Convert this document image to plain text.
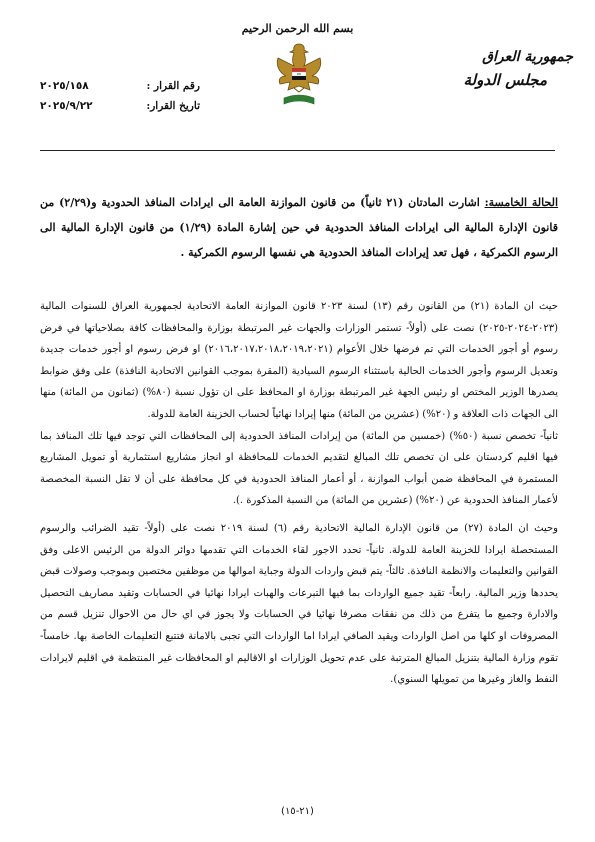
بسم الله الرحمن الرحيم
جمهورية العراق
مجلس الدولة
رقم القرار :
٢٠٢٥/١٥٨
تاريخ القرار:
٢٠٢٥/٩/٢٢
الحالة الخامسة: اشارت المادتان (٢١ ثانياً) من قانون الموازنة العامة الى ايرادات المنافذ الحدودية و(٢/٢٩) من قانون الإدارة المالية الى ايرادات المنافذ الحدودية في حين إشارة المادة (١/٢٩) من قانون الإدارة المالية الى الرسوم الكمركية ، فهل تعد إيرادات المنافذ الحدودية هي نفسها الرسوم الكمركية .

حيث ان المادة (٢١) من القانون رقم (١٣) لسنة ٢٠٢٣ قانون الموازنة العامة الاتحادية لجمهورية العراق للسنوات المالية (٢٠٢٣-٢٠٢٤-٢٠٢٥) نصت على (أولاً- تستمر الوزارات والجهات غير المرتبطة بوزارة والمحافظات كافة بصلاحياتها في فرض رسوم أو أجور الخدمات التي تم فرضها خلال الأعوام (٢٠١٦،٢٠١٧،٢٠١٨،٢٠١٩،٢٠٢١) او فرض رسوم او أجور خدمات جديدة وتعديل الرسوم وأجور الخدمات الحالية باستثناء الرسوم السيادية (المقرة بموجب القوانين الاتحادية النافذة) على وفق ضوابط يصدرها الوزير المختص او رئيس الجهة غير المرتبطة بوزارة او المحافظ على ان تؤول نسبة (٨٠%) (ثمانون من المائة) منها الى الجهات ذات العلاقة و (٢٠%) (عشرين من المائة) منها إيرادا نهائياً لحساب الخزينة العامة للدولة.

ثانياً- تخصص نسبة (٥٠%) (خمسين من المائة) من إيرادات المنافذ الحدودية إلى المحافظات التي توجد فيها تلك المنافذ بما فيها اقليم كردستان على ان تخصص تلك المبالغ لتقديم الخدمات للمحافظة او انجاز مشاريع استثمارية أو تمويل المشاريع المستمرة في المحافظة ضمن أبواب الموازنة ، أو أعمار المنافذ الحدودية في كل محافظة على أن لا تقل النسبة المخصصة لأعمار المنافذ الحدودية عن (٢٠%) (عشرين من المائة) من النسبة المذكورة .).

وحيث ان المادة (٢٧) من قانون الإدارة المالية الاتحادية رقم (٦) لسنة ٢٠١٩ نصت على (أولاً- تقيد الضرائب والرسوم المستحصلة ايرادا للخزينة العامة للدولة. ثانياً- تحدد الاجور لقاء الخدمات التي تقدمها دوائر الدولة من الرئيس الاعلى وفق القوانين والتعليمات والانظمة النافذة. ثالثاً- يتم قبض واردات الدولة وجباية اموالها من موظفين مختصين وبموجب وصولات قبض يحددها وزير المالية. رابعاً- تقيد جميع الواردات بما فيها التبرعات والهبات ايرادا نهائيا في الحسابات وتقيد مصاريف التحصيل والادارة وجميع ما يتفرع من ذلك من نفقات مصرفا نهائيا في الحسابات ولا يجوز في اي حال من الاحوال تنزيل قسم من المصروفات او كلها من اصل الواردات ويقيد الصافي ايرادا اما الواردات التي تجبى بالامانة فتتبع التعليمات الخاصة بها. خامساً- تقوم وزارة المالية بتنزيل المبالغ المترتبة على عدم تحويل الوزارات او الاقاليم او المحافظات غير المنتظمة في اقليم لايرادات النفط والغاز وغيرها من تمويلها السنوي).

(٢١-١٥)
